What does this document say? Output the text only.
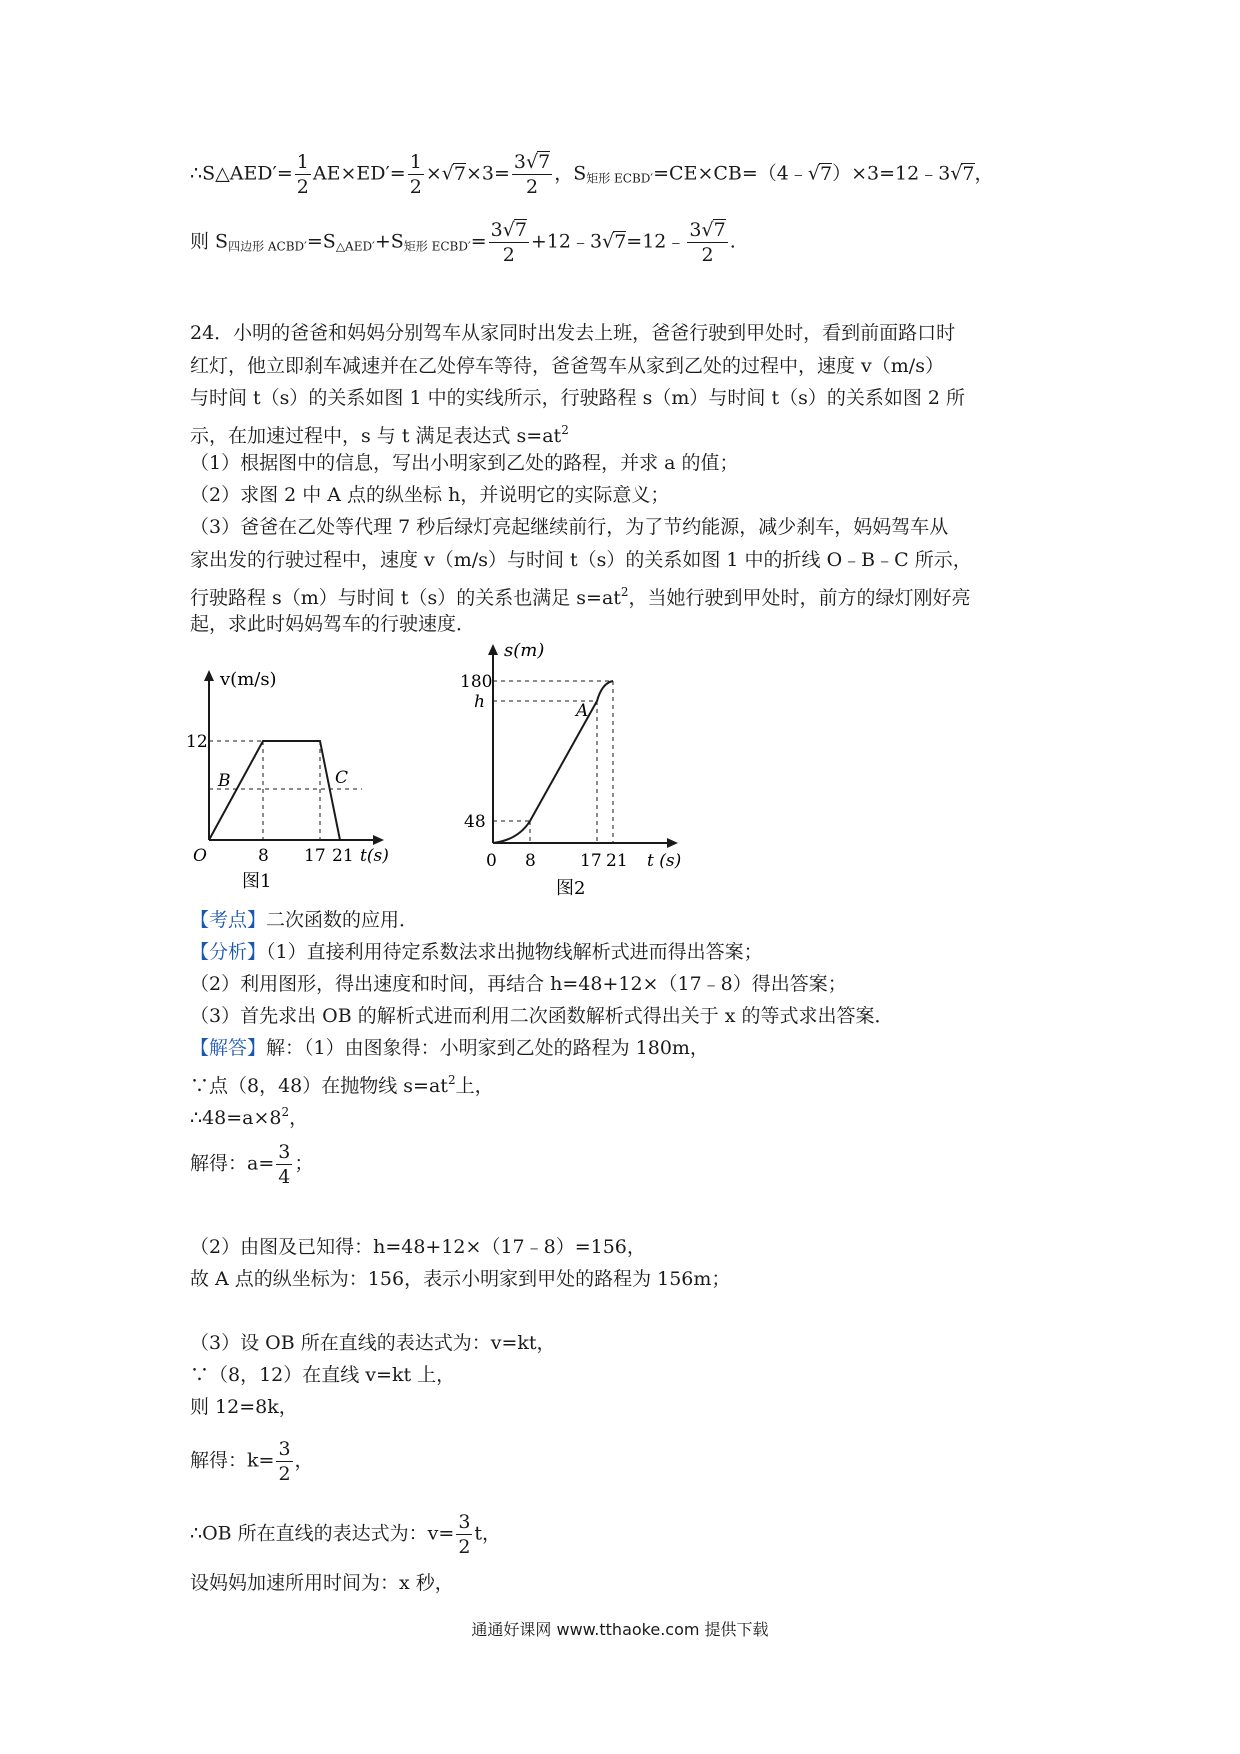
∴S△AED′= $\frac{1}{2} AE\times ED'= \frac{1}{2} \times√7\times 3= \frac{3√7}{2}$ ，$S_{矩形 ECBD'}=CE\times CB=(4﹣√7)\times 3=12﹣3√7$，
则 $S_{四边形 ACBD'}=S_{\triangle AED'}+S_{矩形 ECBD'}= \frac{3√7}{2}$ +12﹣3√7=12﹣ $\frac{3√7}{2}$ .
24．小明的爸爸和妈妈分别驾车从家同时出发去上班，爸爸行驶到甲处时，看到前面路口时
红灯，他立即刹车减速并在乙处停车等待，爸爸驾车从家到乙处的过程中，速度 v（m/s）
与时间 t（s）的关系如图 1 中的实线所示，行驶路程 s（m）与时间 t（s）的关系如图 2 所
示，在加速过程中，s 与 t 满足表达式 $s=at^2$
（1）根据图中的信息，写出小明家到乙处的路程，并求 a 的值；
（2）求图 2 中 A 点的纵坐标 h，并说明它的实际意义；
（3）爸爸在乙处等代理 7 秒后绿灯亮起继续前行，为了节约能源，减少刹车，妈妈驾车从
家出发的行驶过程中，速度 v（m/s）与时间 t（s）的关系如图 1 中的折线 O﹣B﹣C 所示，
行驶路程 s（m）与时间 t（s）的关系也满足 $s=at^2$，当她行驶到甲处时，前方的绿灯刚好亮
起，求此时妈妈驾车的行驶速度．
v(m/s)
12
B	C
O	8 17 21 t(s)
图1
s(m)
180
h	A
48
0 8	17 21 t (s)
图2
【考点】二次函数的应用．
【分析】（1）直接利用待定系数法求出抛物线解析式进而得出答案；
（2）利用图形，得出速度和时间，再结合 h=48+12×（17﹣8）得出答案；
（3）首先求出 OB 的解析式进而利用二次函数解析式得出关于 x 的等式求出答案．
【解答】解：（1）由图象得：小明家到乙处的路程为 180m，
∵点（8，48）在抛物线 $s=at^2$上，
$\therefore 48=a\times 8^2$，
解得：$a= \frac{3}{4}$ ；
（2）由图及已知得：h=48+12×（17﹣8）=156，
故 A 点的纵坐标为：156，表示小明家到甲处的路程为 156m；
（3）设 OB 所在直线的表达式为：v=kt，
∵（8，12）在直线 v=kt 上，
则 12=8k，
解得：$k= \frac{3}{2}$ ，
∴OB 所在直线的表达式为：$v= \frac{3}{2}$ t，
设妈妈加速所用时间为：x 秒，
通通好课网 www.tthaoke.com 提供下载
